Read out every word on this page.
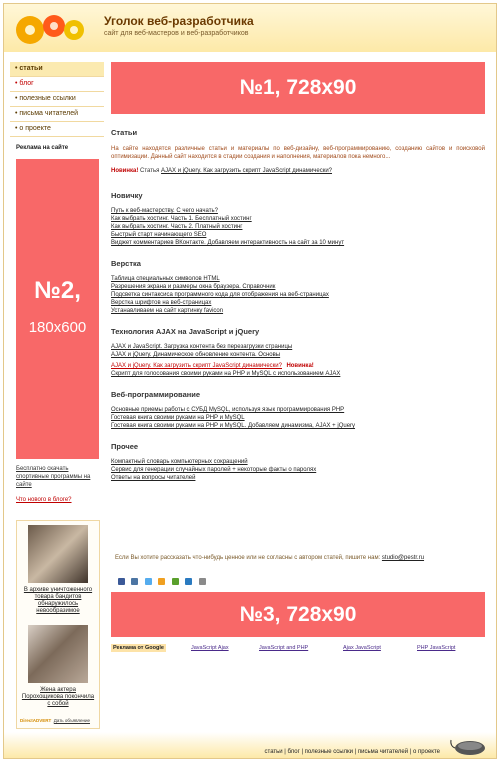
Уголок веб-разработчика
сайт для веб-мастеров и веб-разработчиков
• статьи
• блог
• полезные ссылки
• письма читателей
• о проекте
Реклама на сайте
№2,
180x600
Бесплатно скачать спортивные программы на сайте
Что нового в блоге?
В архиве уничтоженного товара бандитов обнаружилось невообразимое
Жена актера Порохощикова покончила с собой
DirectADVERT Дать объявление
№1, 728x90

Статьи

На сайте находятся различные статьи и материалы по веб-дизайну, веб-программированию, созданию сайтов и поисковой оптимизации. Данный сайт находится в стадии создания и наполнения, материалов пока немного...
Новинка! Статья AJAX и jQuery. Как загрузить скрипт JavaScript динамически?

Новичку

Путь к веб-мастерству. С чего начать?
Как выбрать хостинг. Часть 1. Бесплатный хостинг
Как выбрать хостинг. Часть 2. Платный хостинг
Быстрый старт начинающего SEO
Виджет комментариев ВКонтакте. Добавляем интерактивность на сайт за 10 минут

Верстка

Таблица специальных символов HTML
Разрешения экрана и размеры окна браузера. Справочник
Подсветка синтаксиса программного кода для отображения на веб-страницах
Верстка шрифтов на веб-страницах
Устанавливаем на сайт картинку favicon

Технология AJAX на JavaScript и jQuery

AJAX и JavaScript. Загрузка контента без перезагрузки страницы
AJAX и jQuery. Динамическое обновление контента. Основы
AJAX и jQuery. Как загрузить скрипт JavaScript динамически? Новинка!
Скрипт для голосования своими руками на PHP и MySQL с использованием AJAX

Веб-программирование

Основные приемы работы с СУБД MySQL, используя язык программирования PHP
Гостевая книга своими руками на PHP и MySQL
Гостевая книга своими руками на PHP и MySQL. Добавляем динамизма, AJAX + jQuery

Прочее

Компактный словарь компьютерных сокращений
Сервис для генерации случайных паролей + некоторые факты о паролях
Ответы на вопросы читателей
Если Вы хотите рассказать что-нибудь ценное или не согласны с автором статей, пишите нам: studio@pestr.ru

№3, 728x90
Реклама от Google	JavaScript Ajax	JavaScript and PHP	Ajax JavaScript	PHP JavaScript
статьи | блог | полезные ссылки | письма читателей | о проекте
